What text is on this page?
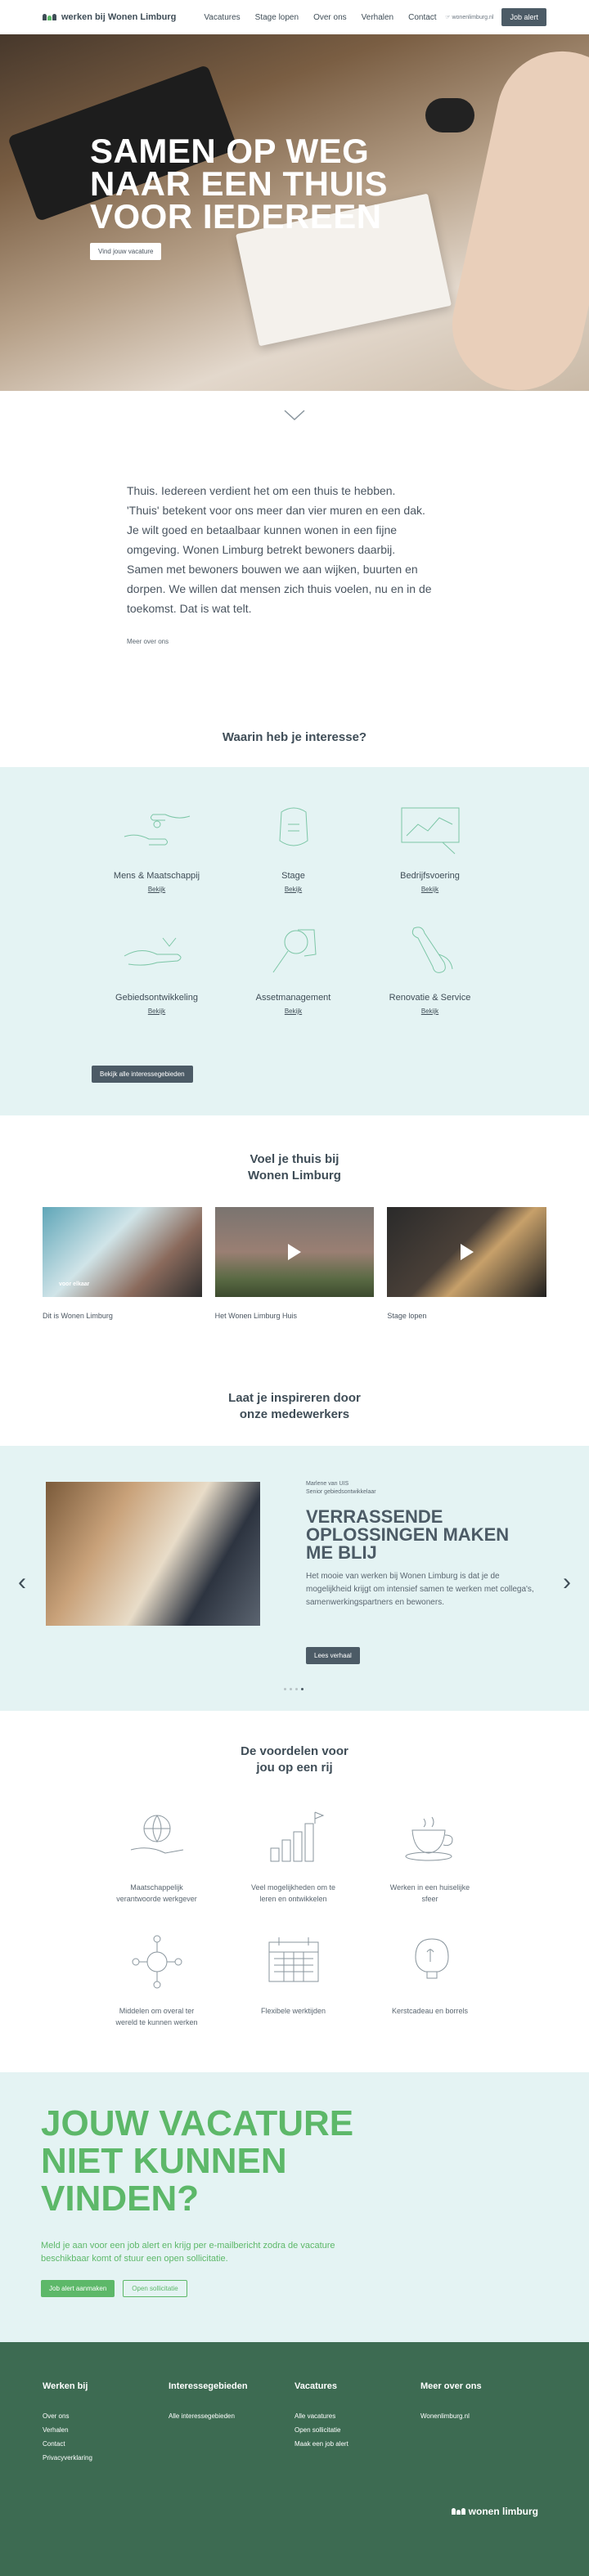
werken bij Wonen Limburg	Vacatures Stage lopen Over ons Verhalen Contact ☞ wonenlimburg.nl	Job alert
SAMEN OP WEG
NAAR EEN THUIS
VOOR IEDEREEN
Vind jouw vacature

Thuis. Iedereen verdient het om een thuis te hebben.

'Thuis' betekent voor ons meer dan vier muren en een dak.

Je wilt goed en betaalbaar kunnen wonen in een fijne

omgeving. Wonen Limburg betrekt bewoners daarbij.

Samen met bewoners bouwen we aan wijken, buurten en

dorpen. We willen dat mensen zich thuis voelen, nu en in de

toekomst. Dat is wat telt.

Meer over ons
Waarin heb je interesse?
Mens & Maatschappij
Bekijk
Stage
Bekijk
Bedrijfsvoering
Bekijk
Gebiedsontwikkeling
Bekijk
Assetmanagement
Bekijk
Renovatie & Service
Bekijk
Bekijk alle interessegebieden
Voel je thuis bij
Wonen Limburg
voor elkaar
Dit is Wonen Limburg	Het Wonen Limburg Huis	Stage lopen
Laat je inspireren door
onze medewerkers
‹
Marlene van UIS
Senior gebiedsontwikkelaar
VERRASSENDE
OPLOSSINGEN MAKEN
ME BLIJ

Het mooie van werken bij Wonen Limburg is dat je de mogelijkheid krijgt om intensief samen te werken met collega's, samenwerkingspartners en bewoners.

Lees verhaal
›
De voordelen voor
jou op een rij
Maatschappelijk verantwoorde werkgever
Veel mogelijkheden om te leren en ontwikkelen
Werken in een huiselijke sfeer
Middelen om overal ter wereld te kunnen werken
Flexibele werktijden	Kerstcadeau en borrels
JOUW VACATURE
NIET KUNNEN
VINDEN?

Meld je aan voor een job alert en krijg per e-mailbericht zodra de vacature beschikbaar komt of stuur een open sollicitatie.

Job alert aanmaken	Open sollicitatie
Werken bij
Over ons
Verhalen
Contact
Privacyverklaring
Interessegebieden
Alle interessegebieden
Vacatures
Alle vacatures
Open sollicitatie
Maak een job alert
Meer over ons
Wonenlimburg.nl
wonen limburg
